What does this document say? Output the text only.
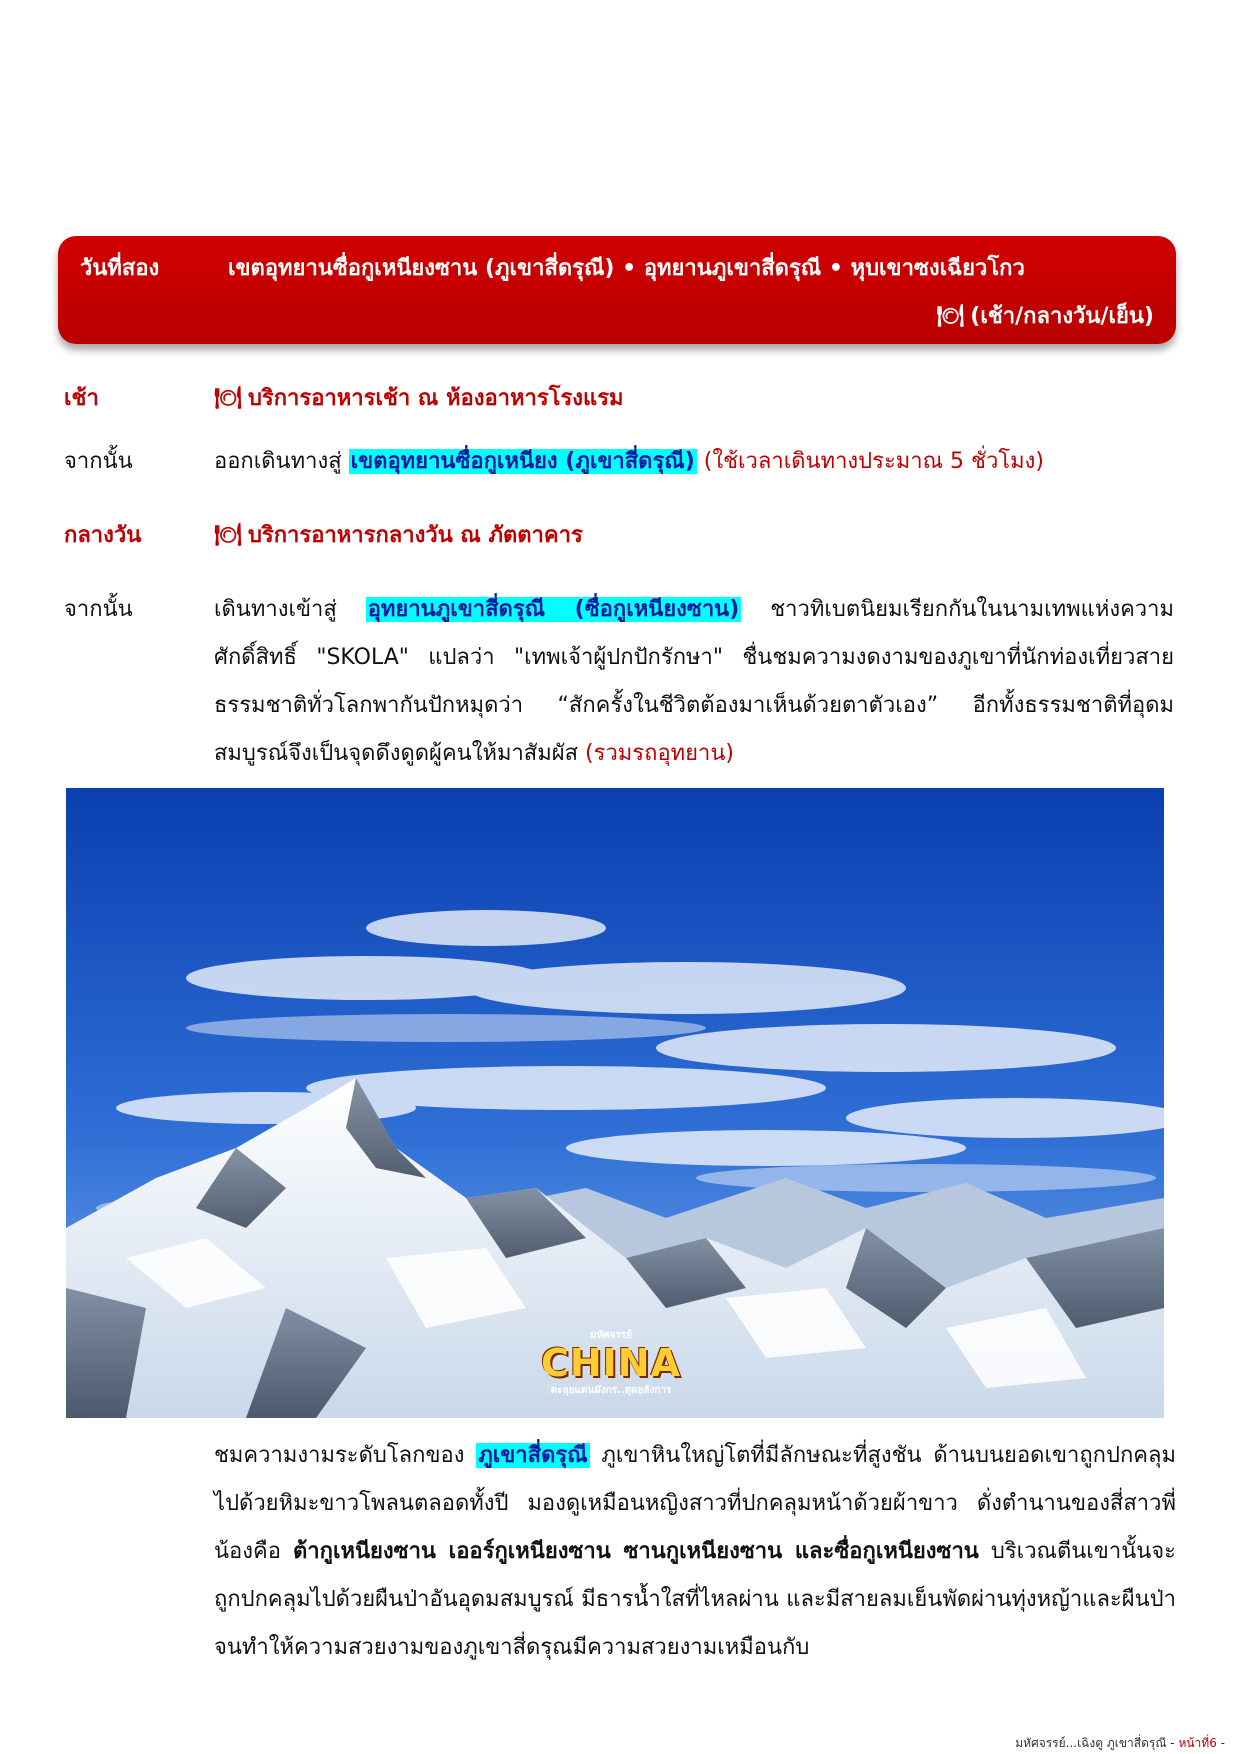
วันที่สอง	เขตอุทยานซื่อกูเหนียงซาน (ภูเขาสี่ดรุณี) • อุทยานภูเขาสี่ดรุณี • หุบเขาซงเฉียวโกว
🍽 (เช้า/กลางวัน/เย็น)
เช้า	🍽 บริการอาหารเช้า ณ ห้องอาหารโรงแรม
จากนั้น	ออกเดินทางสู่ เขตอุทยานซื่อกูเหนียง (ภูเขาสี่ดรุณี) (ใช้เวลาเดินทางประมาณ 5 ชั่วโมง)
กลางวัน	🍽 บริการอาหารกลางวัน ณ ภัตตาคาร
จากนั้น	เดินทางเข้าสู่ อุทยานภูเขาสี่ดรุณี (ซื่อกูเหนียงซาน) ชาวทิเบตนิยมเรียกกันในนามเทพแห่งความศักดิ์สิทธิ์ "SKOLA" แปลว่า "เทพเจ้าผู้ปกปักรักษา" ชื่นชมความงดงามของภูเขาที่นักท่องเที่ยวสายธรรมชาติทั่วโลกพากันปักหมุดว่า “สักครั้งในชีวิตต้องมาเห็นด้วยตาตัวเอง” อีกทั้งธรรมชาติที่อุดมสมบูรณ์จึงเป็นจุดดึงดูดผู้คนให้มาสัมผัส (รวมรถอุทยาน)
มหัศจรรย์
CHINA
ตะลุยแดนมังกร..สุดอลังการ
ชมความงามระดับโลกของ ภูเขาสี่ดรุณี ภูเขาหินใหญ่โตที่มีลักษณะที่สูงชัน ด้านบนยอดเขาถูกปกคลุมไปด้วยหิมะขาวโพลนตลอดทั้งปี มองดูเหมือนหญิงสาวที่ปกคลุมหน้าด้วยผ้าขาว ดั่งตำนานของสี่สาวพี่น้องคือ ต้ากูเหนียงซาน เออร์กูเหนียงซาน ซานกูเหนียงซาน และซื่อกูเหนียงซาน บริเวณตีนเขานั้นจะถูกปกคลุมไปด้วยผืนป่าอันอุดมสมบูรณ์ มีธารน้ำใสที่ไหลผ่าน และมีสายลมเย็นพัดผ่านทุ่งหญ้าและผืนป่า จนทำให้ความสวยงามของภูเขาสี่ดรุณมีความสวยงามเหมือนกับ
มหัศจรรย์...เฉิงตู ภูเขาสี่ดรุณี - หน้าที่6 -
